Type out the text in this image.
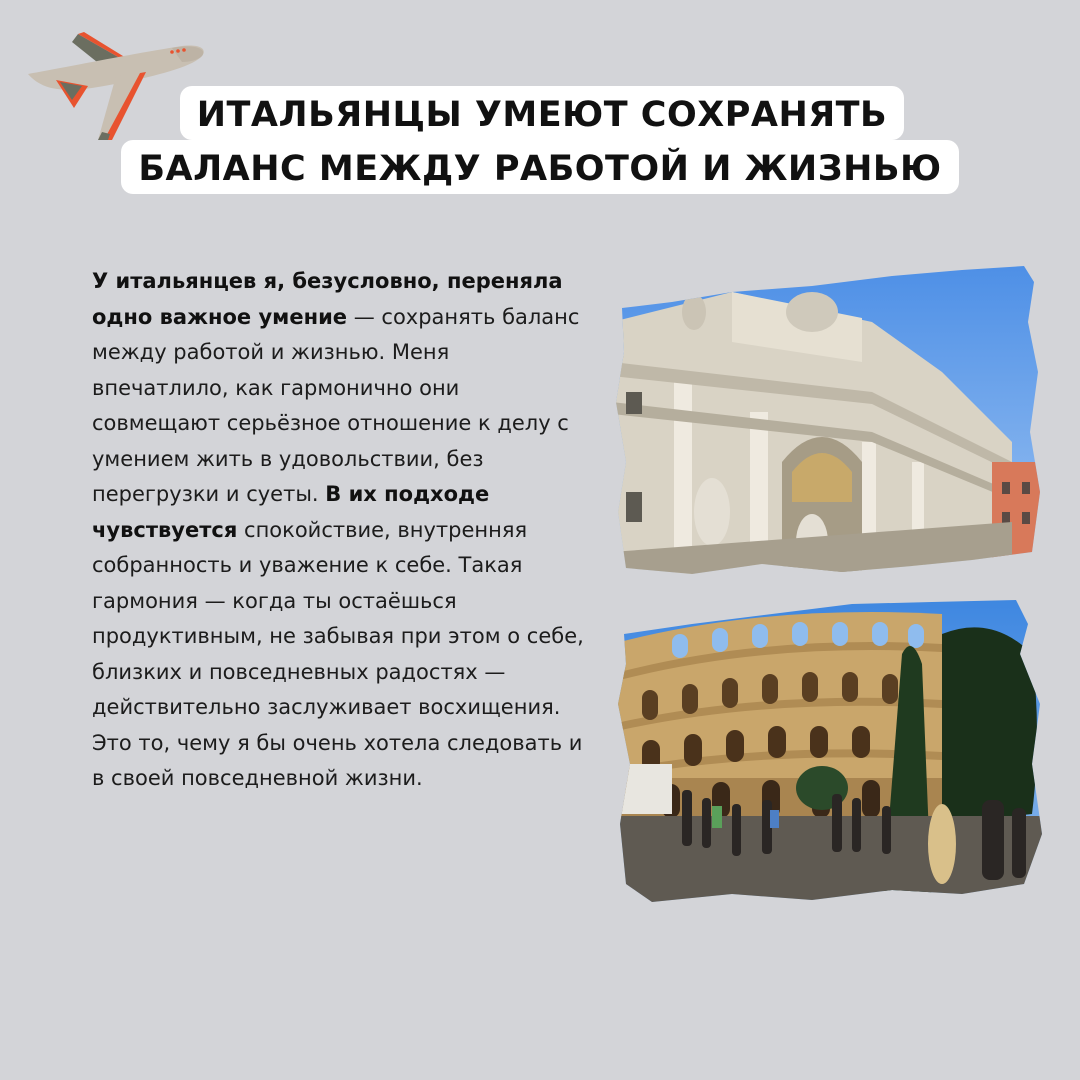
ИТАЛЬЯНЦЫ УМЕЮТ СОХРАНЯТЬ
БАЛАНС МЕЖДУ РАБОТОЙ И ЖИЗНЬЮ

У итальянцев я, безусловно, переняла одно важное умение — сохранять баланс между работой и жизнью. Меня впечатлило, как гармонично они совмещают серьёзное отношение к делу с умением жить в удовольствии, без перегрузки и суеты. В их подходе чувствуется спокойствие, внутренняя собранность и уважение к себе. Такая гармония — когда ты остаёшься продуктивным, не забывая при этом о себе, близких и повседневных радостях — действительно заслуживает восхищения. Это то, чему я бы очень хотела следовать и в своей повседневной жизни.
